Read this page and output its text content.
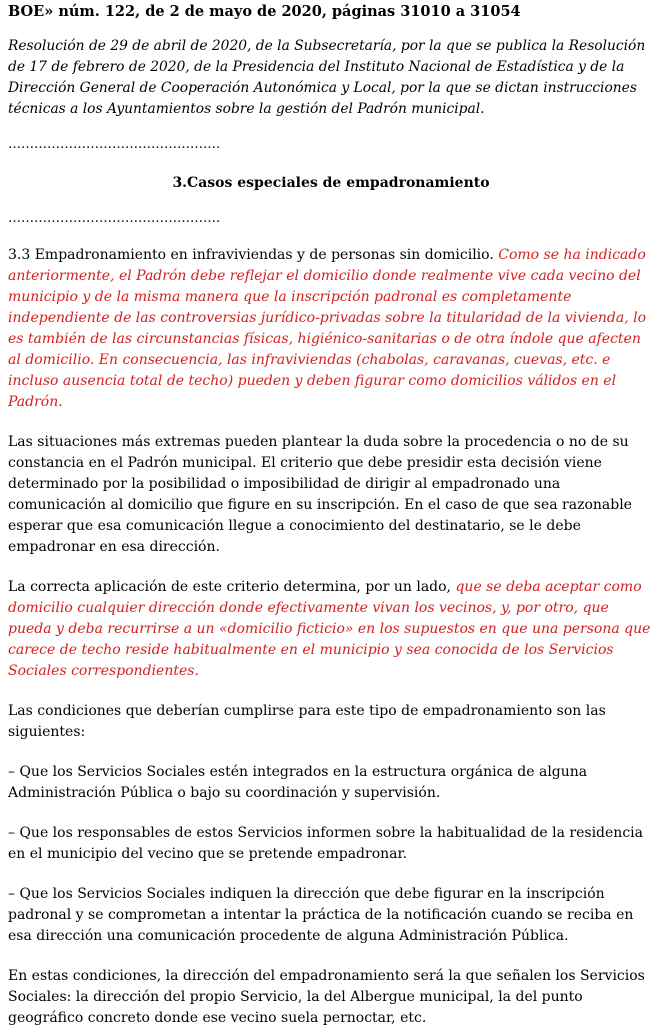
BOE» núm. 122, de 2 de mayo de 2020, páginas 31010 a 31054

Resolución de 29 de abril de 2020, de la Subsecretaría, por la que se publica la Resolución de 17 de febrero de 2020, de la Presidencia del Instituto Nacional de Estadística y de la Dirección General de Cooperación Autonómica y Local, por la que se dictan instrucciones técnicas a los Ayuntamientos sobre la gestión del Padrón municipal.

………………………………………….

3.Casos especiales de empadronamiento

………………………………………….

3.3 Empadronamiento en infraviviendas y de personas sin domicilio. Como se ha indicado anteriormente, el Padrón debe reflejar el domicilio donde realmente vive cada vecino del municipio y de la misma manera que la inscripción padronal es completamente independiente de las controversias jurídico-privadas sobre la titularidad de la vivienda, lo es también de las circunstancias físicas, higiénico-sanitarias o de otra índole que afecten al domicilio. En consecuencia, las infraviviendas (chabolas, caravanas, cuevas, etc. e incluso ausencia total de techo) pueden y deben figurar como domicilios válidos en el Padrón.

Las situaciones más extremas pueden plantear la duda sobre la procedencia o no de su constancia en el Padrón municipal. El criterio que debe presidir esta decisión viene determinado por la posibilidad o imposibilidad de dirigir al empadronado una comunicación al domicilio que figure en su inscripción. En el caso de que sea razonable esperar que esa comunicación llegue a conocimiento del destinatario, se le debe empadronar en esa dirección.

La correcta aplicación de este criterio determina, por un lado, que se deba aceptar como domicilio cualquier dirección donde efectivamente vivan los vecinos, y, por otro, que pueda y deba recurrirse a un «domicilio ficticio» en los supuestos en que una persona que carece de techo reside habitualmente en el municipio y sea conocida de los Servicios Sociales correspondientes.

Las condiciones que deberían cumplirse para este tipo de empadronamiento son las siguientes:

– Que los Servicios Sociales estén integrados en la estructura orgánica de alguna Administración Pública o bajo su coordinación y supervisión.

– Que los responsables de estos Servicios informen sobre la habitualidad de la residencia en el municipio del vecino que se pretende empadronar.

– Que los Servicios Sociales indiquen la dirección que debe figurar en la inscripción padronal y se comprometan a intentar la práctica de la notificación cuando se reciba en esa dirección una comunicación procedente de alguna Administración Pública.

En estas condiciones, la dirección del empadronamiento será la que señalen los Servicios Sociales: la dirección del propio Servicio, la del Albergue municipal, la del punto geográfico concreto donde ese vecino suela pernoctar, etc.
